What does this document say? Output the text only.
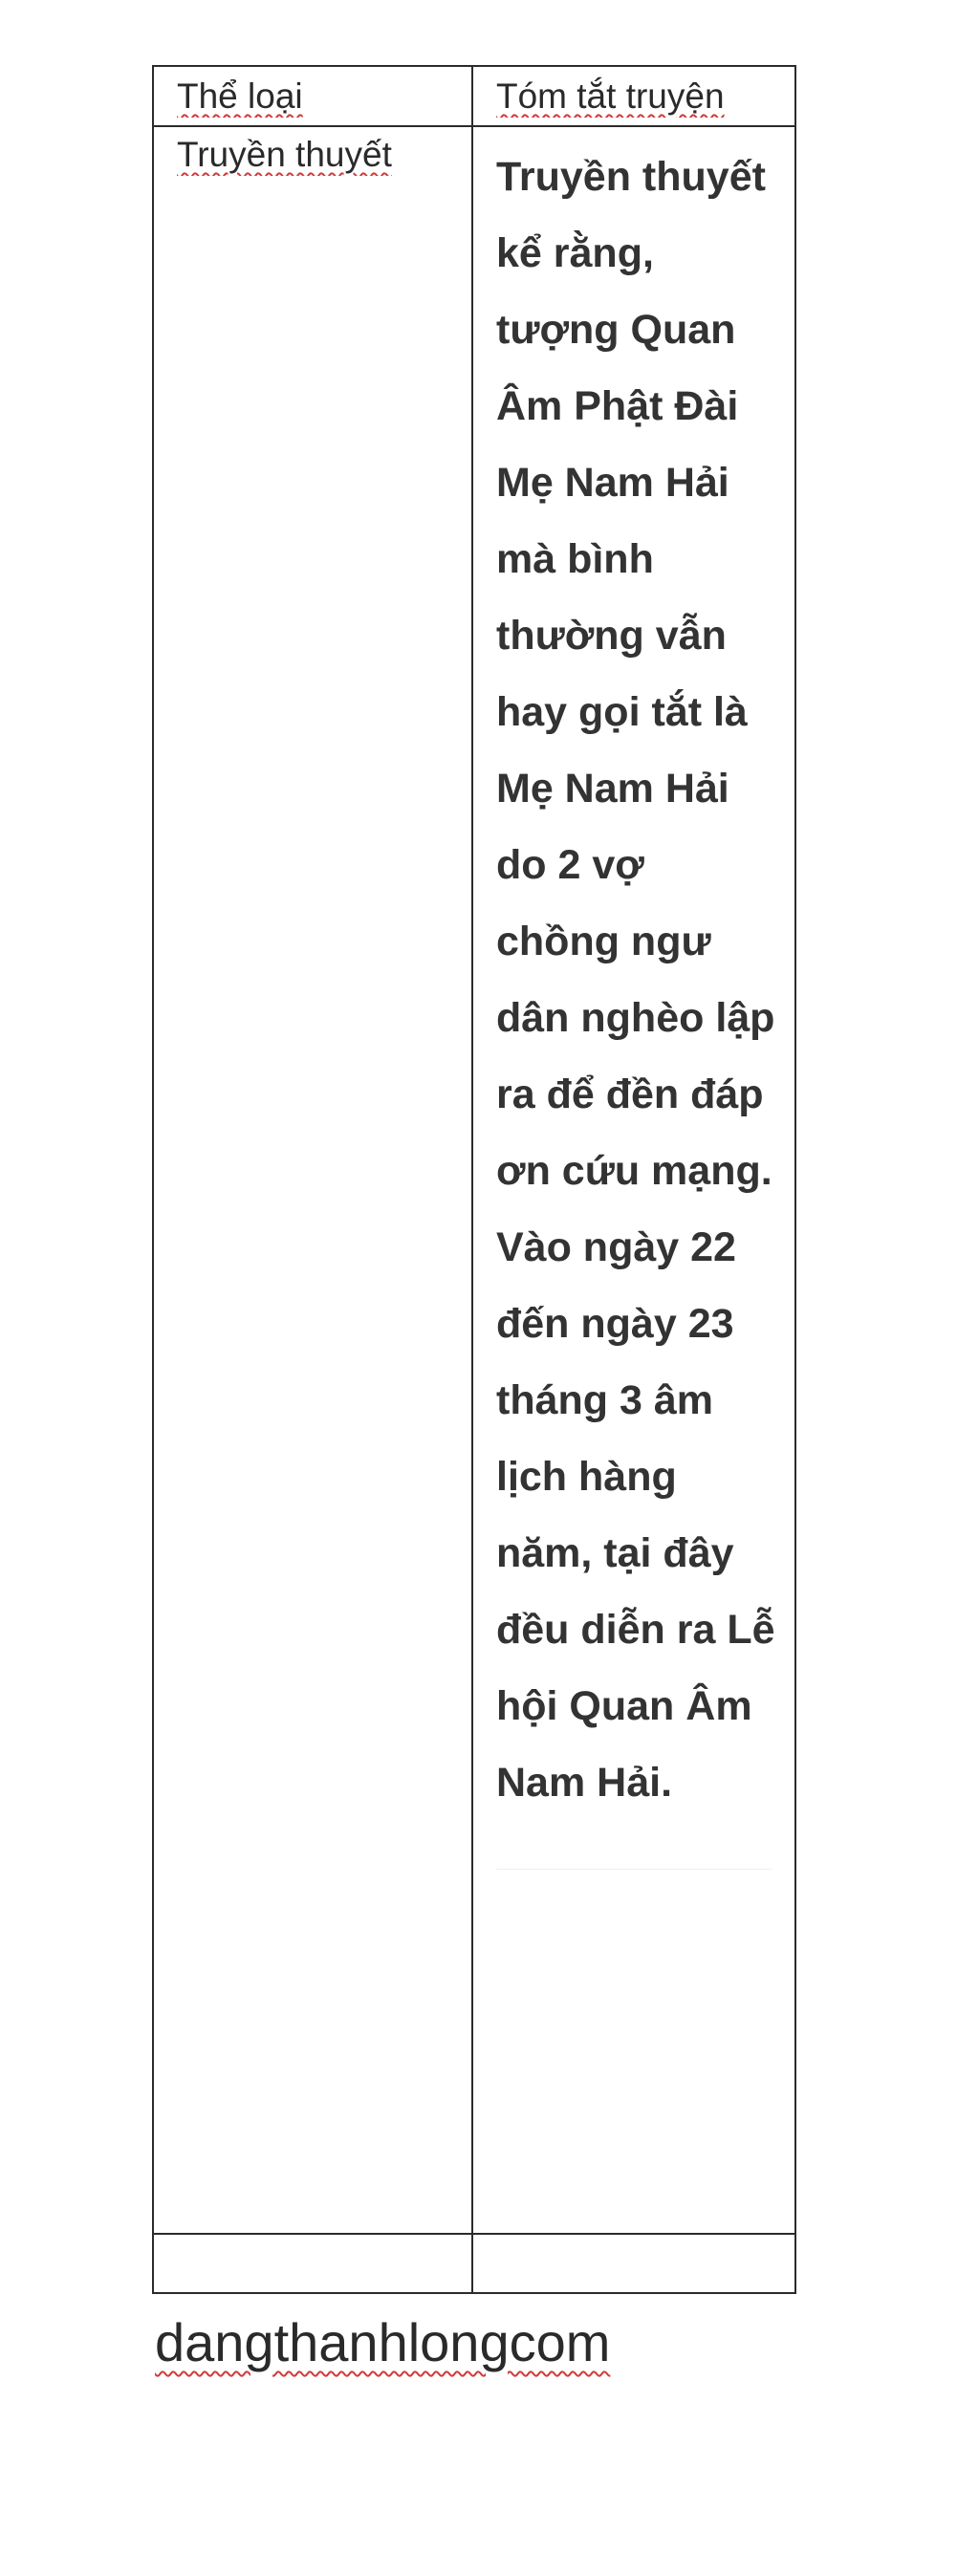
Thể loại	Tóm tắt truyện

Truyền thuyết	Truyền thuyết kể rằng, tượng Quan Âm Phật Đài Mẹ Nam Hải mà bình thường vẫn hay gọi tắt là Mẹ Nam Hải do 2 vợ chồng ngư dân nghèo lập ra để đền đáp ơn cứu mạng. Vào ngày 22 đến ngày 23 tháng 3 âm lịch hàng năm, tại đây đều diễn ra Lễ hội Quan Âm Nam Hải.

dangthanhlongcom
